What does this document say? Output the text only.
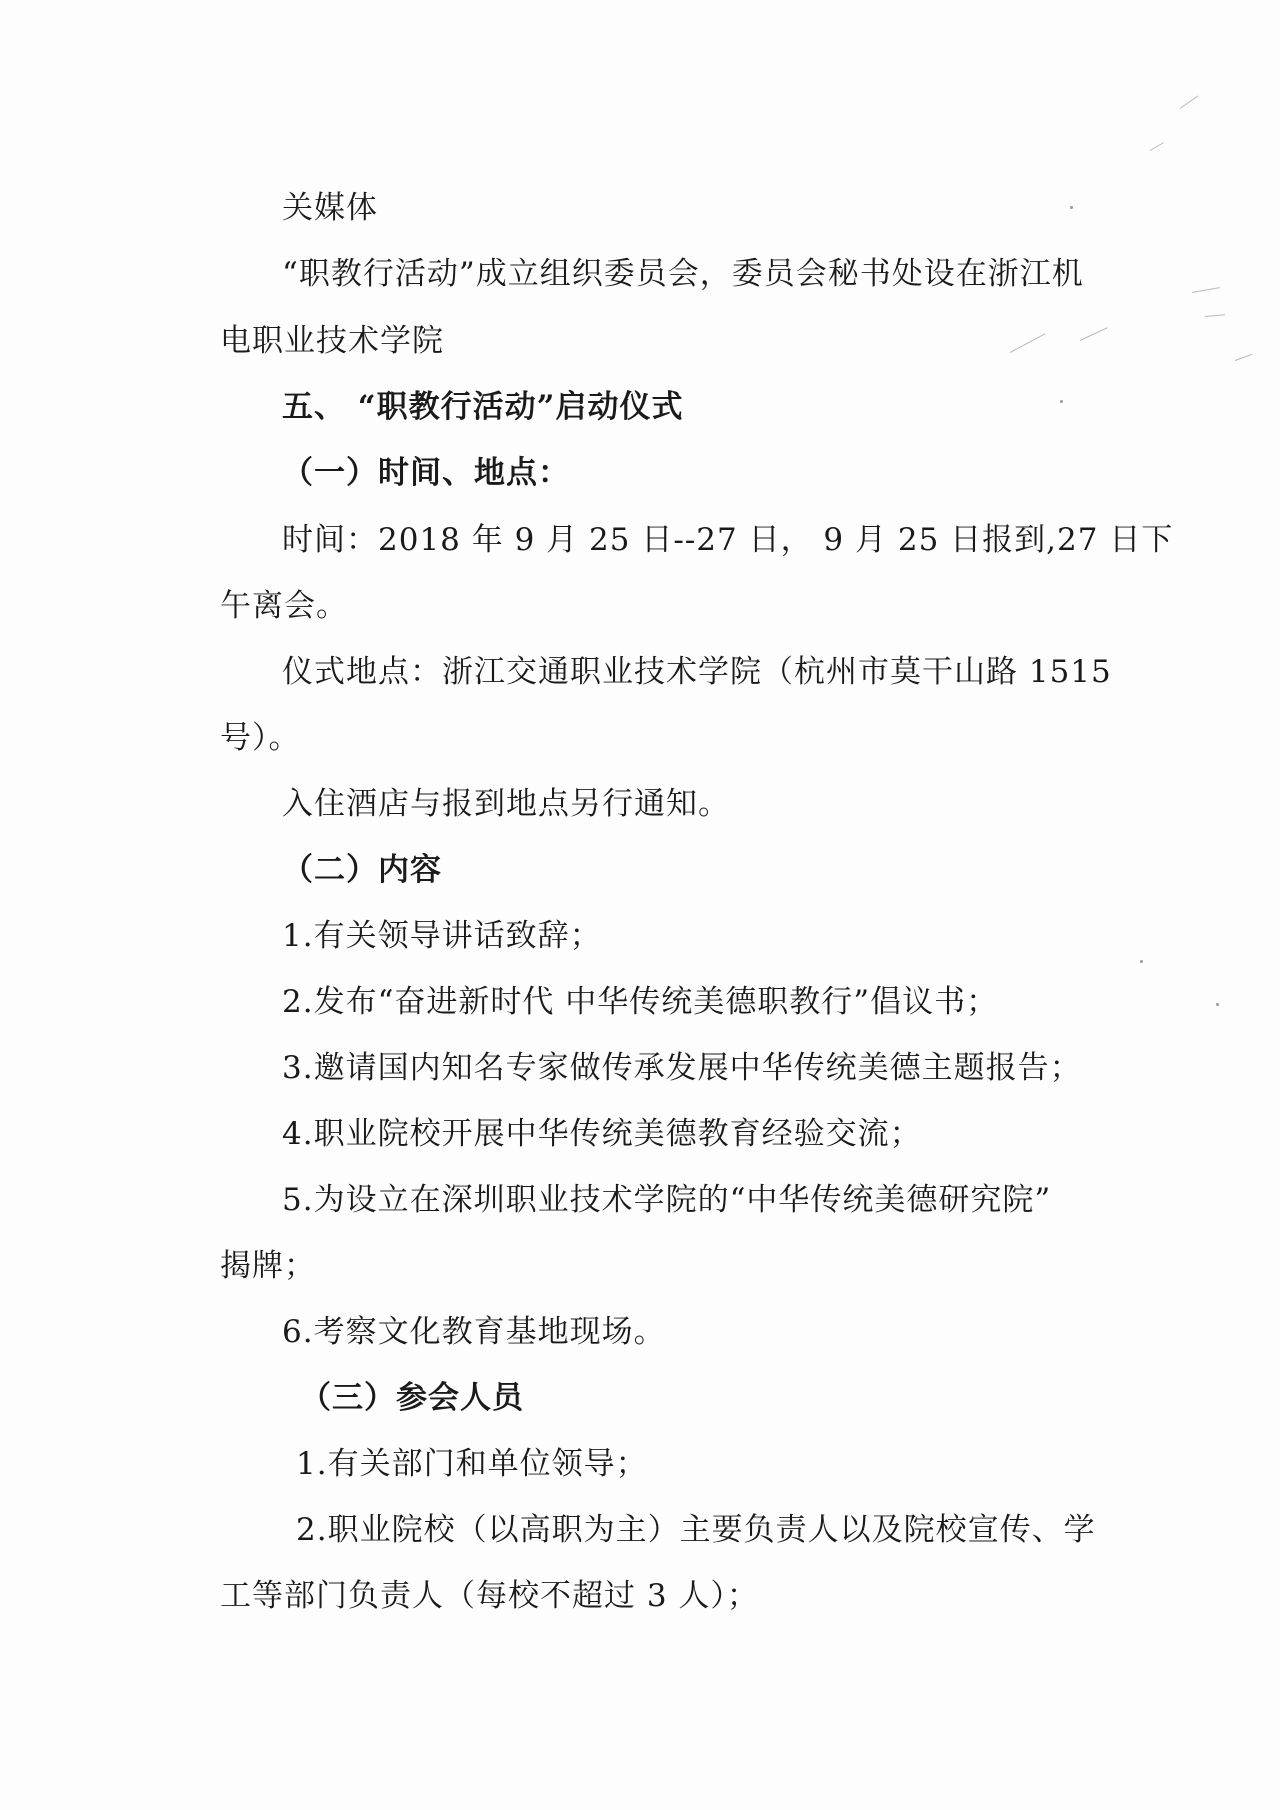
关媒体
“职教行活动”成立组织委员会，委员会秘书处设在浙江机
电职业技术学院
五、 “职教行活动”启动仪式
（一）时间、地点：
时间：2018 年 9 月 25 日--27 日， 9 月 25 日报到,27 日下
午离会。
仪式地点：浙江交通职业技术学院（杭州市莫干山路 1515
号）。
入住酒店与报到地点另行通知。
（二）内容
1.有关领导讲话致辞；
2.发布“奋进新时代 中华传统美德职教行”倡议书；
3.邀请国内知名专家做传承发展中华传统美德主题报告；
4.职业院校开展中华传统美德教育经验交流；
5.为设立在深圳职业技术学院的“中华传统美德研究院”
揭牌；
6.考察文化教育基地现场。
（三）参会人员
1.有关部门和单位领导；
2.职业院校（以高职为主）主要负责人以及院校宣传、学
工等部门负责人（每校不超过 3 人）；
